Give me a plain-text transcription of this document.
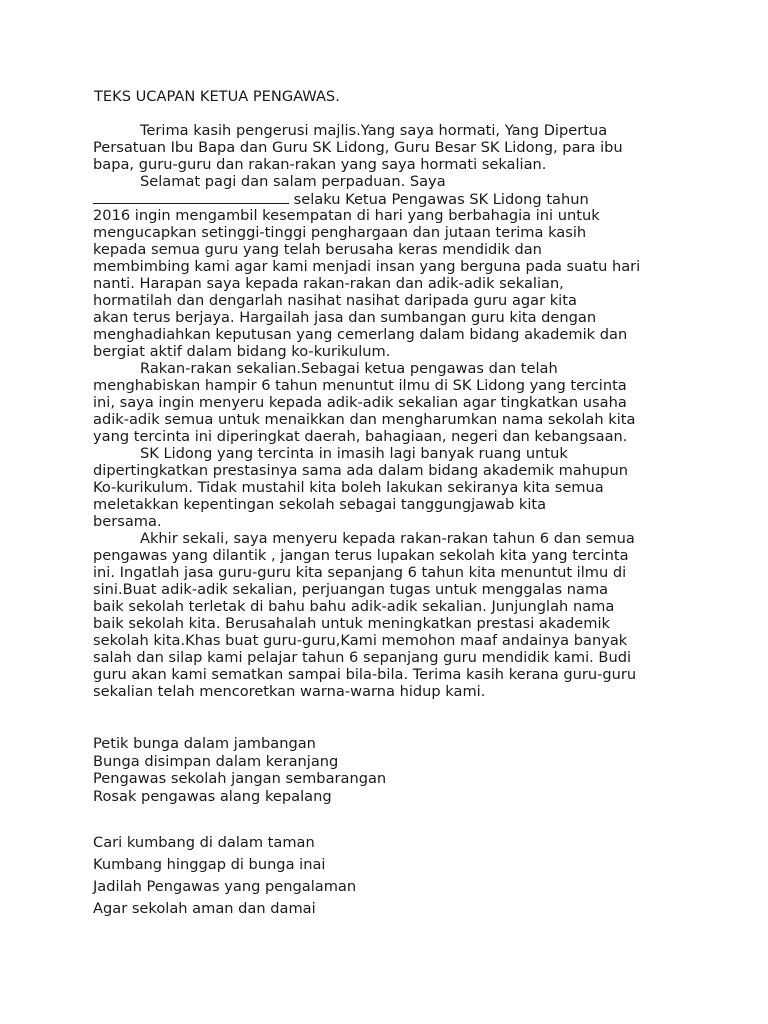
TEKS UCAPAN KETUA PENGAWAS.
Terima kasih pengerusi majlis.Yang saya hormati, Yang Dipertua
Persatuan Ibu Bapa dan Guru SK Lidong, Guru Besar SK Lidong, para ibu
bapa, guru-guru dan rakan-rakan yang saya hormati sekalian.
Selamat pagi dan salam perpaduan. Saya
selaku Ketua Pengawas SK Lidong tahun
2016 ingin mengambil kesempatan di hari yang berbahagia ini untuk
mengucapkan setinggi-tinggi penghargaan dan jutaan terima kasih
kepada semua guru yang telah berusaha keras mendidik dan
membimbing kami agar kami menjadi insan yang berguna pada suatu hari
nanti. Harapan saya kepada rakan-rakan dan adik-adik sekalian,
hormatilah dan dengarlah nasihat nasihat daripada guru agar kita
akan terus berjaya. Hargailah jasa dan sumbangan guru kita dengan
menghadiahkan keputusan yang cemerlang dalam bidang akademik dan
bergiat aktif dalam bidang ko-kurikulum.
Rakan-rakan sekalian.Sebagai ketua pengawas dan telah
menghabiskan hampir 6 tahun menuntut ilmu di SK Lidong yang tercinta
ini, saya ingin menyeru kepada adik-adik sekalian agar tingkatkan usaha
adik-adik semua untuk menaikkan dan mengharumkan nama sekolah kita
yang tercinta ini diperingkat daerah, bahagiaan, negeri dan kebangsaan.
SK Lidong yang tercinta in imasih lagi banyak ruang untuk
dipertingkatkan prestasinya sama ada dalam bidang akademik mahupun
Ko-kurikulum. Tidak mustahil kita boleh lakukan sekiranya kita semua
meletakkan kepentingan sekolah sebagai tanggungjawab kita
bersama.
Akhir sekali, saya menyeru kepada rakan-rakan tahun 6 dan semua
pengawas yang dilantik , jangan terus lupakan sekolah kita yang tercinta
ini. Ingatlah jasa guru-guru kita sepanjang 6 tahun kita menuntut ilmu di
sini.Buat adik-adik sekalian, perjuangan tugas untuk menggalas nama
baik sekolah terletak di bahu bahu adik-adik sekalian. Junjunglah nama
baik sekolah kita. Berusahalah untuk meningkatkan prestasi akademik
sekolah kita.Khas buat guru-guru,Kami memohon maaf andainya banyak
salah dan silap kami pelajar tahun 6 sepanjang guru mendidik kami. Budi
guru akan kami sematkan sampai bila-bila. Terima kasih kerana guru-guru
sekalian telah mencoretkan warna-warna hidup kami.
Petik bunga dalam jambangan
Bunga disimpan dalam keranjang
Pengawas sekolah jangan sembarangan
Rosak pengawas alang kepalang
Cari kumbang di dalam taman
Kumbang hinggap di bunga inai
Jadilah Pengawas yang pengalaman
Agar sekolah aman dan damai
